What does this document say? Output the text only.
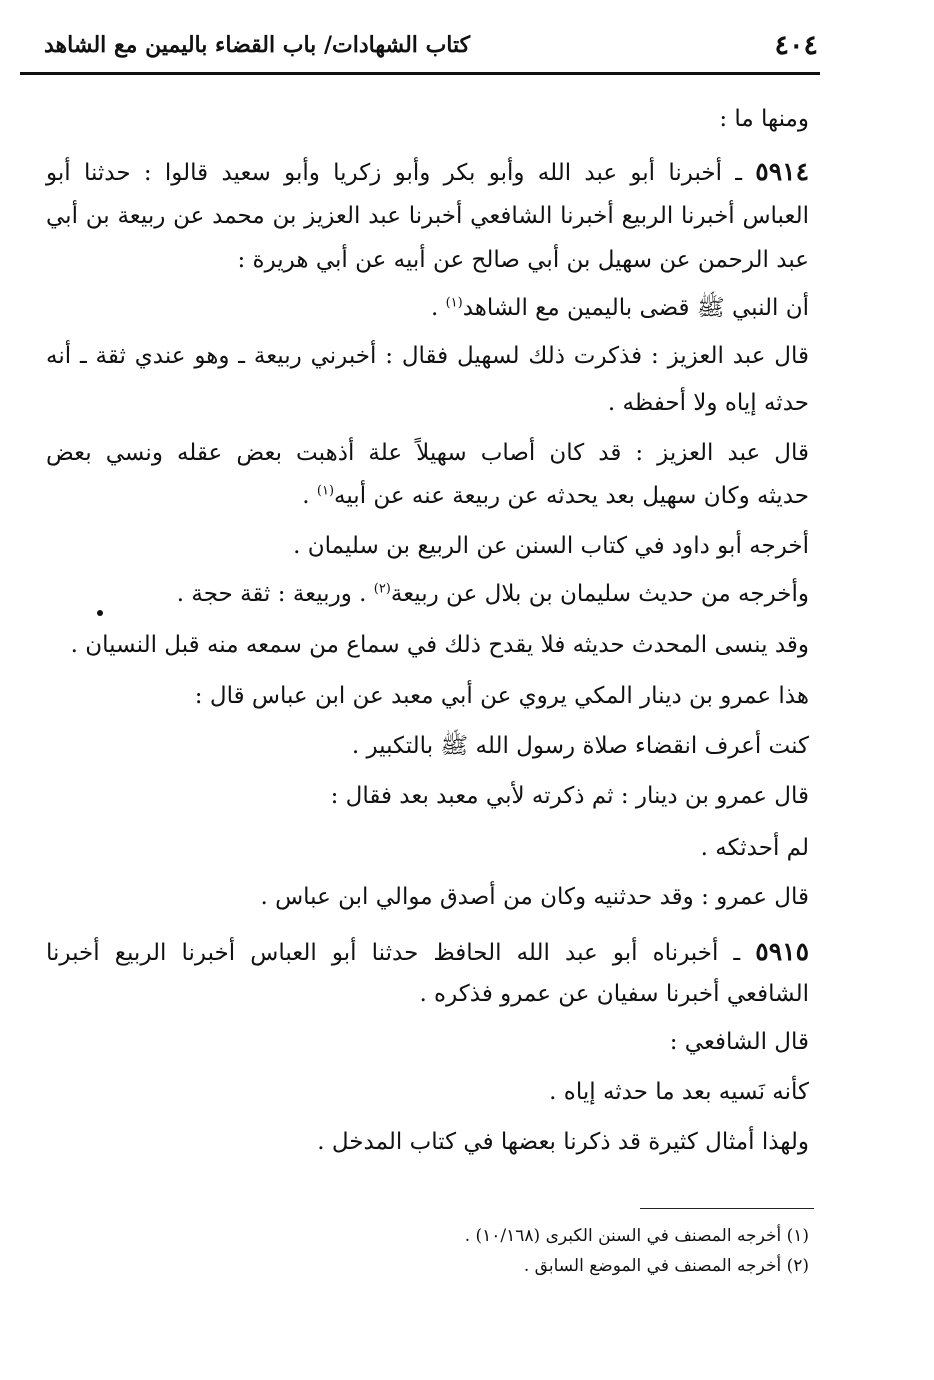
٤٠٤
كتاب الشهادات/ باب القضاء باليمين مع الشاهد
ومنها ما :
٥٩١٤ ـ أخبرنا أبو عبد الله وأبو بكر وأبو زكريا وأبو سعيد قالوا : حدثنا أبو
العباس أخبرنا الربيع أخبرنا الشافعي أخبرنا عبد العزيز بن محمد عن ربيعة بن أبي
عبد الرحمن عن سهيل بن أبي صالح عن أبيه عن أبي هريرة :
أن النبي ﷺ قضى باليمين مع الشاهد$^{(١)}$ .
قال عبد العزيز : فذكرت ذلك لسهيل فقال : أخبرني ربيعة ـ وهو عندي ثقة ـ أنه
حدثه إياه ولا أحفظه .
قال عبد العزيز : قد كان أصاب سهيلاً علة أذهبت بعض عقله ونسي بعض
حديثه وكان سهيل بعد يحدثه عن ربيعة عنه عن أبيه$^{(١)}$ .
أخرجه أبو داود في كتاب السنن عن الربيع بن سليمان .
وأخرجه من حديث سليمان بن بلال عن ربيعة$^{(٢)}$ . وربيعة : ثقة حجة .
وقد ينسى المحدث حديثه فلا يقدح ذلك في سماع من سمعه منه قبل النسيان .
هذا عمرو بن دينار المكي يروي عن أبي معبد عن ابن عباس قال :
كنت أعرف انقضاء صلاة رسول الله ﷺ بالتكبير .
قال عمرو بن دينار : ثم ذكرته لأبي معبد بعد فقال :
لم أحدثكه .
قال عمرو : وقد حدثنيه وكان من أصدق موالي ابن عباس .
٥٩١٥ ـ أخبرناه أبو عبد الله الحافظ حدثنا أبو العباس أخبرنا الربيع أخبرنا
الشافعي أخبرنا سفيان عن عمرو فذكره .
قال الشافعي :
كأنه نَسيه بعد ما حدثه إياه .
ولهذا أمثال كثيرة قد ذكرنا بعضها في كتاب المدخل .
(١) أخرجه المصنف في السنن الكبرى (١٠/١٦٨) .
(٢) أخرجه المصنف في الموضع السابق .
